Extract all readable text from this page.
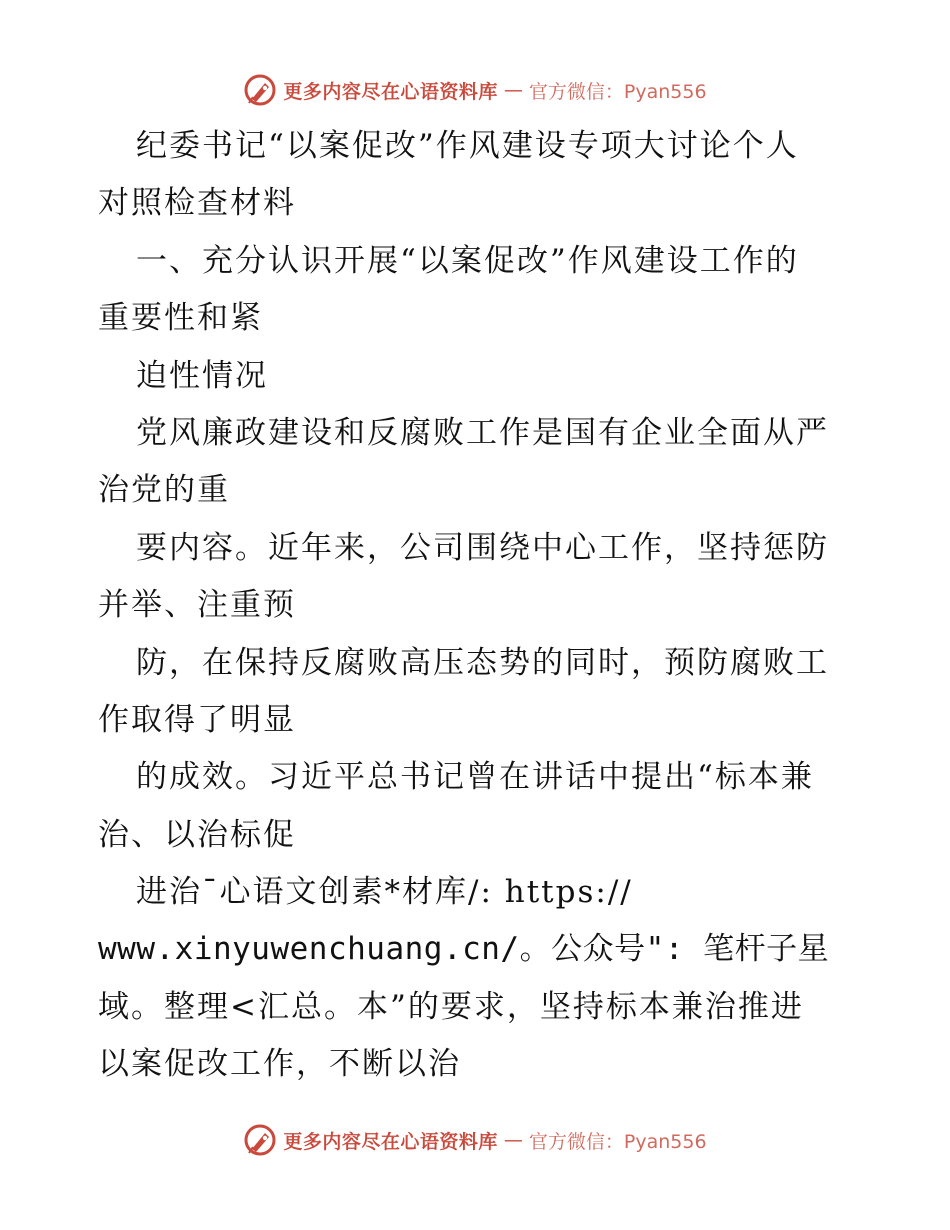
更多内容尽在心语资料库 — 官方微信：Pyan556
纪委书记“以案促改”作风建设专项大讨论个人
对照检查材料
一、充分认识开展“以案促改”作风建设工作的
重要性和紧
迫性情况
党风廉政建设和反腐败工作是国有企业全面从严
治党的重
要内容。近年来，公司围绕中心工作，坚持惩防
并举、注重预
防，在保持反腐败高压态势的同时，预防腐败工
作取得了明显
的成效。习近平总书记曾在讲话中提出“标本兼
治、以治标促
进治¯心语文创素*材库/: https://
www.xinyuwenchuang.cn/。公众号": 笔杆子星
域。整理<汇总。本”的要求，坚持标本兼治推进
以案促改工作，不断以治
更多内容尽在心语资料库 — 官方微信：Pyan556
